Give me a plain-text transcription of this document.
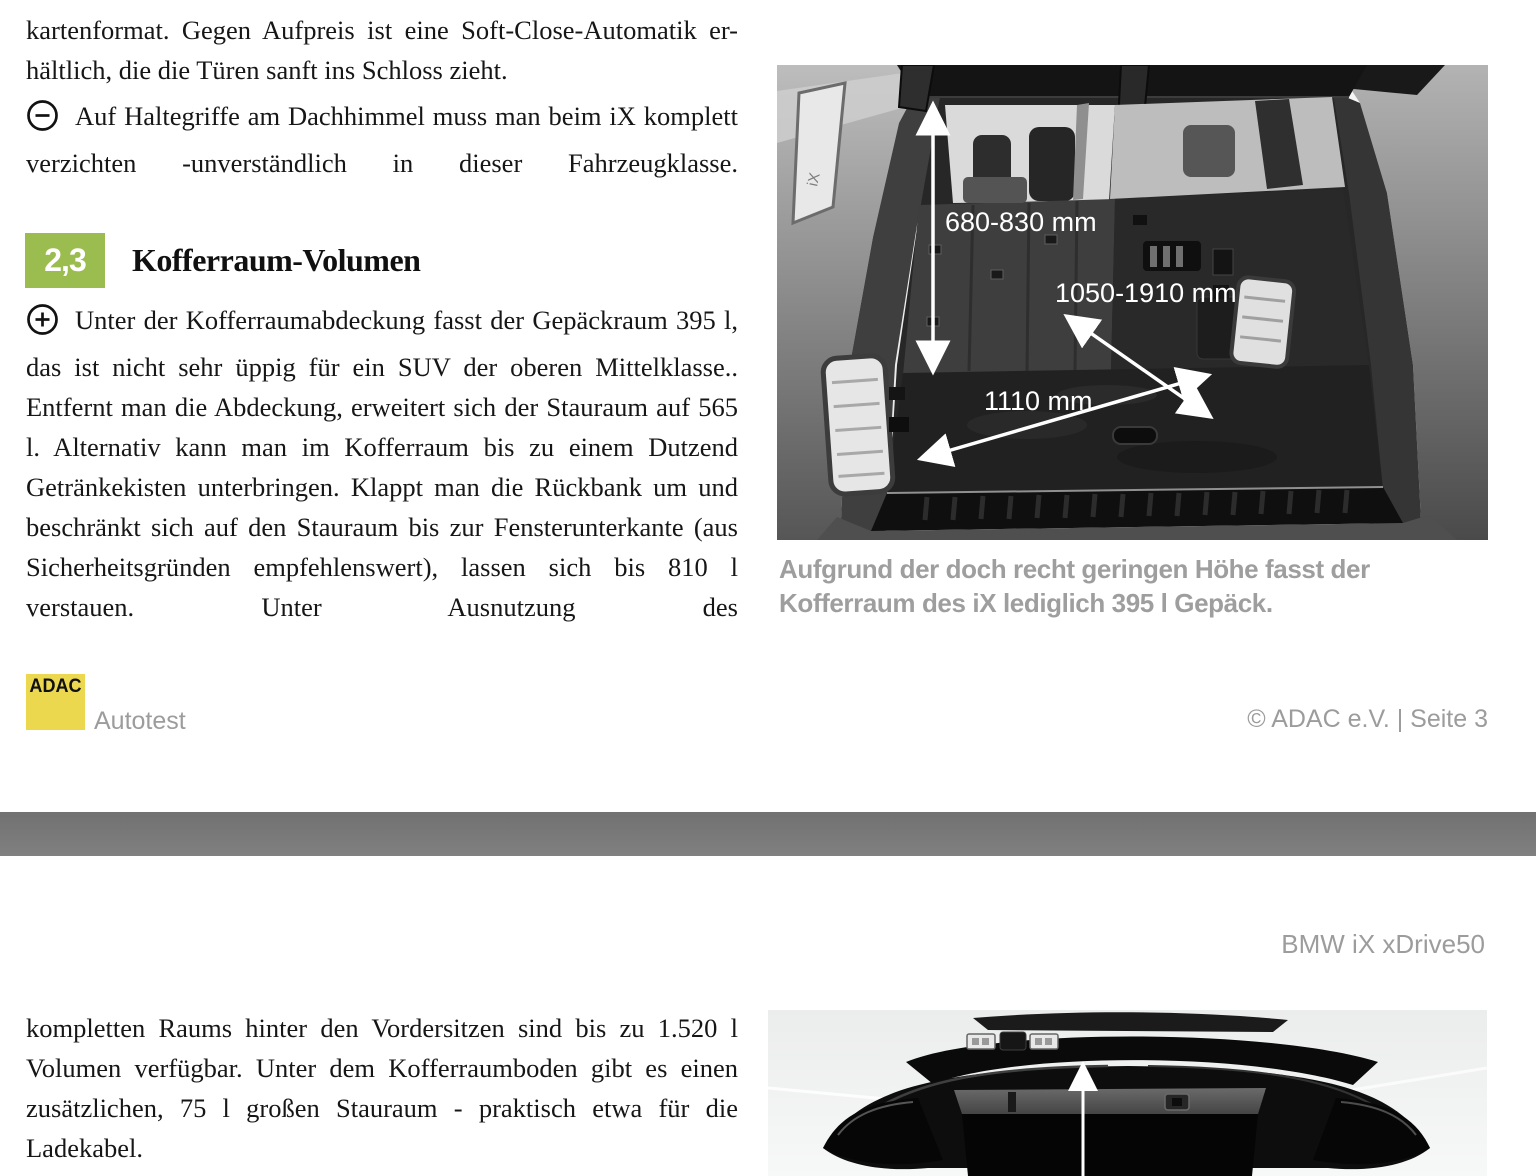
kartenformat. Gegen Aufpreis ist eine Soft-Close-Automatik er-hältlich, die die Türen sanft ins Schloss zieht.

Auf Haltegriffe am Dachhimmel muss man beim iX komplett verzichten -unverständlich in dieser Fahrzeugklasse.

2,3	Kofferraum-Volumen

Unter der Kofferraumabdeckung fasst der Gepäckraum 395 l, das ist nicht sehr üppig für ein SUV der oberen Mittelklasse.. Entfernt man die Abdeckung, erweitert sich der Stauraum auf 565 l. Alternativ kann man im Kofferraum bis zu einem Dutzend Getränkekisten unterbringen. Klappt man die Rückbank um und beschränkt sich auf den Stauraum bis zur Fensterunterkante (aus Sicherheitsgründen empfehlenswert), lassen sich bis 810 l verstauen. Unter Ausnutzung des

iX
680-830 mm
1050-1910 mm
1110 mm

Aufgrund der doch recht geringen Höhe fasst der Kofferraum des iX lediglich 395 l Gepäck.

ADAC
Autotest	© ADAC e.V. | Seite 3
BMW iX xDrive50

kompletten Raums hinter den Vordersitzen sind bis zu 1.520 l Volumen verfügbar. Unter dem Kofferraumboden gibt es einen zusätzlichen, 75 l großen Stauraum - praktisch etwa für die Ladekabel.
